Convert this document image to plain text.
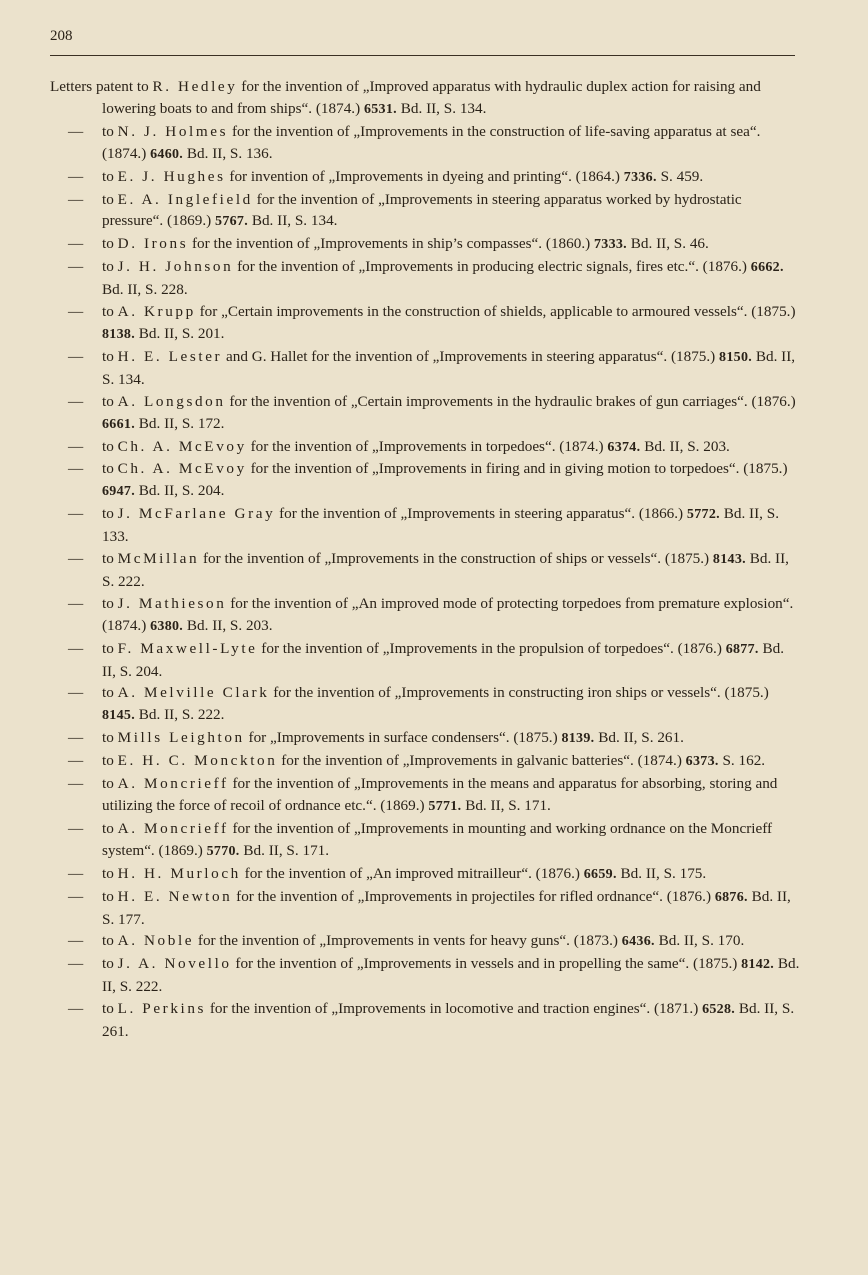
208
Letters patent to R. Hedley for the invention of „Improved apparatus with hydraulic duplex action for raising and lowering boats to and from ships“. (1874.) 6531. Bd. II, S. 134.
— to N. J. Holmes for the invention of „Improvements in the construction of life-saving apparatus at sea“. (1874.) 6460. Bd. II, S. 136.
— to E. J. Hughes for invention of „Improvements in dyeing and printing“. (1864.) 7336. S. 459.
— to E. A. Inglefield for the invention of „Improvements in steering apparatus worked by hydrostatic pressure“. (1869.) 5767. Bd. II, S. 134.
— to D. Irons for the invention of „Improvements in ship’s compasses“. (1860.) 7333. Bd. II, S. 46.
— to J. H. Johnson for the invention of „Improvements in producing electric signals, fires etc.“. (1876.) 6662. Bd. II, S. 228.
— to A. Krupp for „Certain improvements in the construction of shields, applicable to armoured vessels“. (1875.) 8138. Bd. II, S. 201.
— to H. E. Lester and G. Hallet for the invention of „Improvements in steering apparatus“. (1875.) 8150. Bd. II, S. 134.
— to A. Longsdon for the invention of „Certain improvements in the hydraulic brakes of gun carriages“. (1876.) 6661. Bd. II, S. 172.
— to Ch. A. McEvoy for the invention of „Improvements in torpedoes“. (1874.) 6374. Bd. II, S. 203.
— to Ch. A. McEvoy for the invention of „Improvements in firing and in giving motion to torpedoes“. (1875.) 6947. Bd. II, S. 204.
— to J. McFarlane Gray for the invention of „Improvements in steering apparatus“. (1866.) 5772. Bd. II, S. 133.
— to McMillan for the invention of „Improvements in the construction of ships or vessels“. (1875.) 8143. Bd. II, S. 222.
— to J. Mathieson for the invention of „An improved mode of protecting torpedoes from premature explosion“. (1874.) 6380. Bd. II, S. 203.
— to F. Maxwell-Lyte for the invention of „Improvements in the propulsion of torpedoes“. (1876.) 6877. Bd. II, S. 204.
— to A. Melville Clark for the invention of „Improvements in constructing iron ships or vessels“. (1875.) 8145. Bd. II, S. 222.
— to Mills Leighton for „Improvements in surface condensers“. (1875.) 8139. Bd. II, S. 261.
— to E. H. C. Monckton for the invention of „Improvements in galvanic batteries“. (1874.) 6373. S. 162.
— to A. Moncrieff for the invention of „Improvements in the means and apparatus for absorbing, storing and utilizing the force of recoil of ordnance etc.“. (1869.) 5771. Bd. II, S. 171.
— to A. Moncrieff for the invention of „Improvements in mounting and working ordnance on the Moncrieff system“. (1869.) 5770. Bd. II, S. 171.
— to H. H. Murloch for the invention of „An improved mitrailleur“. (1876.) 6659. Bd. II, S. 175.
— to H. E. Newton for the invention of „Improvements in projectiles for rifled ordnance“. (1876.) 6876. Bd. II, S. 177.
— to A. Noble for the invention of „Improvements in vents for heavy guns“. (1873.) 6436. Bd. II, S. 170.
— to J. A. Novello for the invention of „Improvements in vessels and in propelling the same“. (1875.) 8142. Bd. II, S. 222.
— to L. Perkins for the invention of „Improvements in locomotive and traction engines“. (1871.) 6528. Bd. II, S. 261.
